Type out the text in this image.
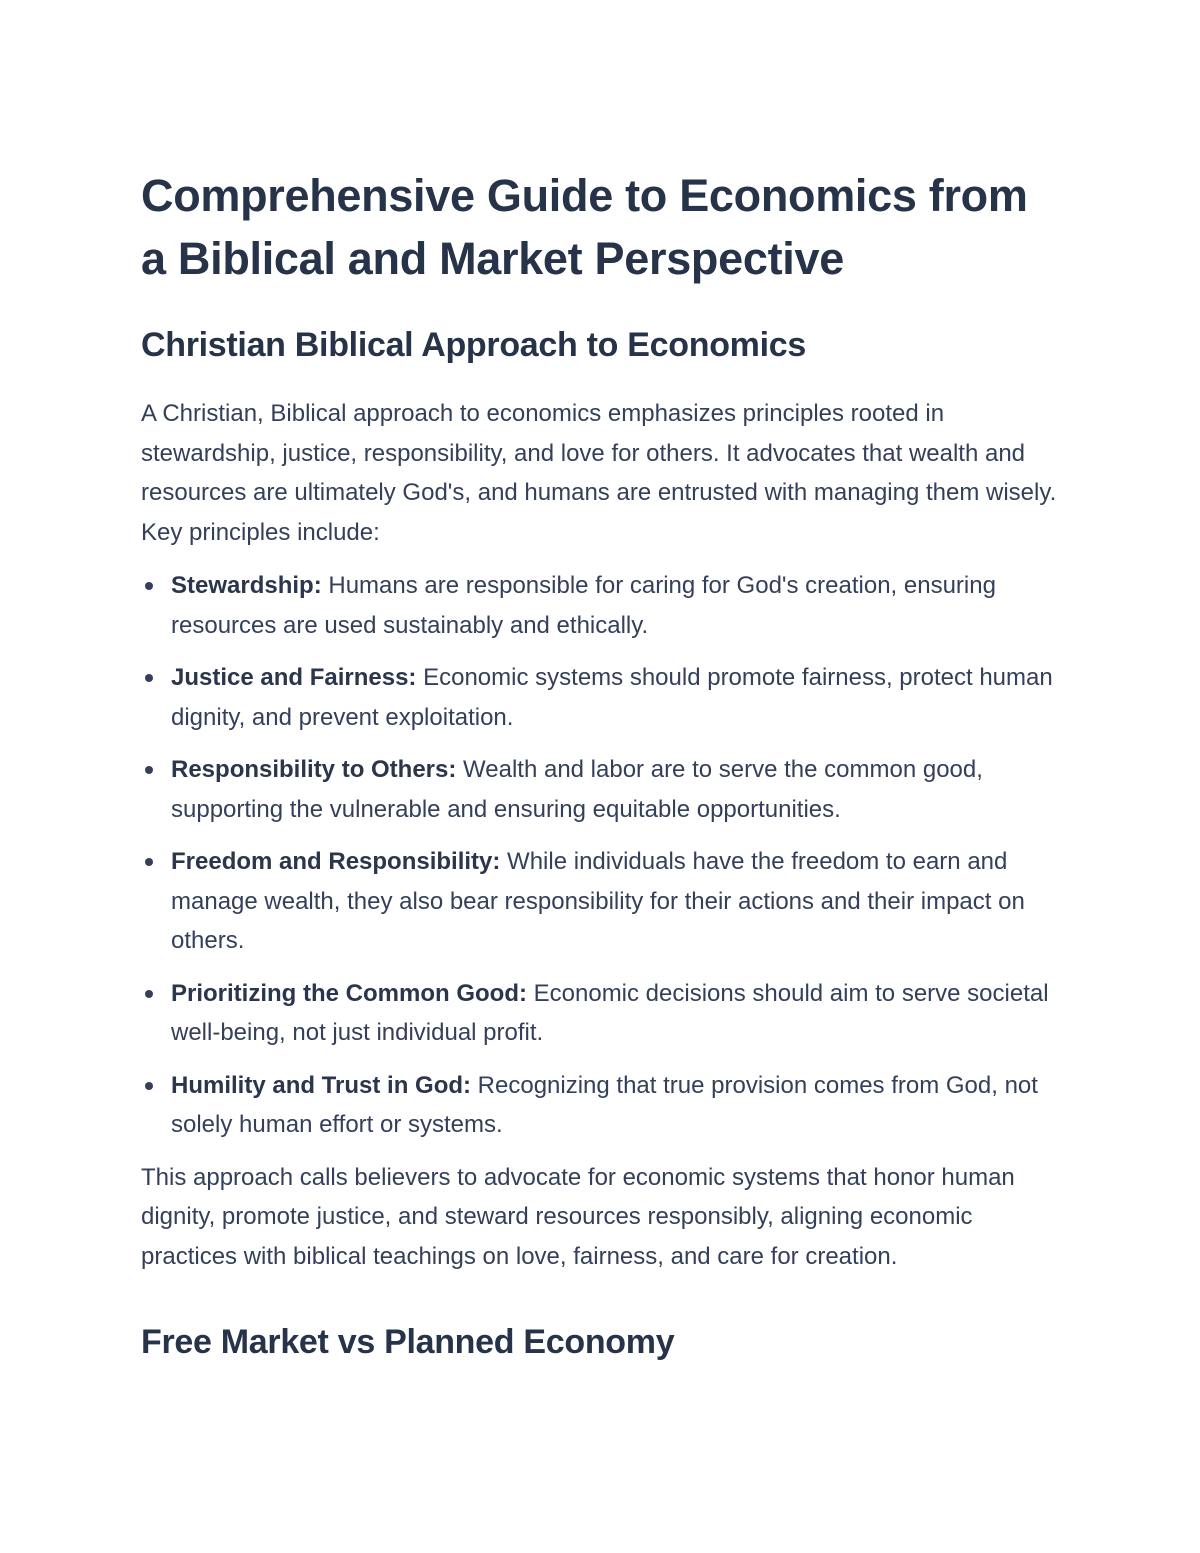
Comprehensive Guide to Economics from a Biblical and Market Perspective
Christian Biblical Approach to Economics

A Christian, Biblical approach to economics emphasizes principles rooted in stewardship, justice, responsibility, and love for others. It advocates that wealth and resources are ultimately God's, and humans are entrusted with managing them wisely. Key principles include:

Stewardship: Humans are responsible for caring for God's creation, ensuring resources are used sustainably and ethically.
Justice and Fairness: Economic systems should promote fairness, protect human dignity, and prevent exploitation.
Responsibility to Others: Wealth and labor are to serve the common good, supporting the vulnerable and ensuring equitable opportunities.
Freedom and Responsibility: While individuals have the freedom to earn and manage wealth, they also bear responsibility for their actions and their impact on others.
Prioritizing the Common Good: Economic decisions should aim to serve societal well-being, not just individual profit.
Humility and Trust in God: Recognizing that true provision comes from God, not solely human effort or systems.

This approach calls believers to advocate for economic systems that honor human dignity, promote justice, and steward resources responsibly, aligning economic practices with biblical teachings on love, fairness, and care for creation.

Free Market vs Planned Economy
